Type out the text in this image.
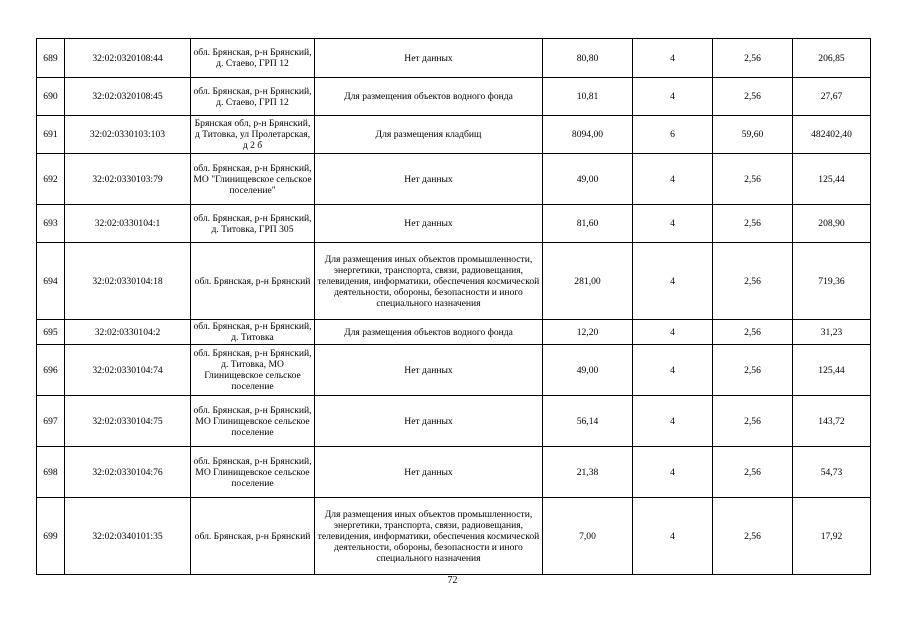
689	32:02:0320108:44	обл. Брянская, р-н Брянский, д. Стаево, ГРП 12	Нет данных	80,80	4	2,56	206,85
690	32:02:0320108:45	обл. Брянская, р-н Брянский, д. Стаево, ГРП 12	Для размещения объектов водного фонда	10,81	4	2,56	27,67
691	32:02:0330103:103	Брянская обл, р-н Брянский, д Титовка, ул Пролетарская, д 2 б	Для размещения кладбищ	8094,00	6	59,60	482402,40
692	32:02:0330103:79	обл. Брянская, р-н Брянский, МО "Глинищевское сельское поселение"	Нет данных	49,00	4	2,56	125,44
693	32:02:0330104:1	обл. Брянская, р-н Брянский, д. Титовка, ГРП 305	Нет данных	81,60	4	2,56	208,90
694	32:02:0330104:18	обл. Брянская, р-н Брянский	Для размещения иных объектов промышленности, энергетики, транспорта, связи, радиовещания, телевидения, информатики, обеспечения космической деятельности, обороны, безопасности и иного специального назначения	281,00	4	2,56	719,36
695	32:02:0330104:2	обл. Брянская, р-н Брянский, д. Титовка	Для размещения объектов водного фонда	12,20	4	2,56	31,23
696	32:02:0330104:74	обл. Брянская, р-н Брянский, д. Титовка, МО Глинищевское сельское поселение	Нет данных	49,00	4	2,56	125,44
697	32:02:0330104:75	обл. Брянская, р-н Брянский, МО Глинищевское сельское поселение	Нет данных	56,14	4	2,56	143,72
698	32:02:0330104:76	обл. Брянская, р-н Брянский, МО Глинищевское сельское поселение	Нет данных	21,38	4	2,56	54,73
699	32:02:0340101:35	обл. Брянская, р-н Брянский	Для размещения иных объектов промышленности, энергетики, транспорта, связи, радиовещания, телевидения, информатики, обеспечения космической деятельности, обороны, безопасности и иного специального назначения	7,00	4	2,56	17,92
72
